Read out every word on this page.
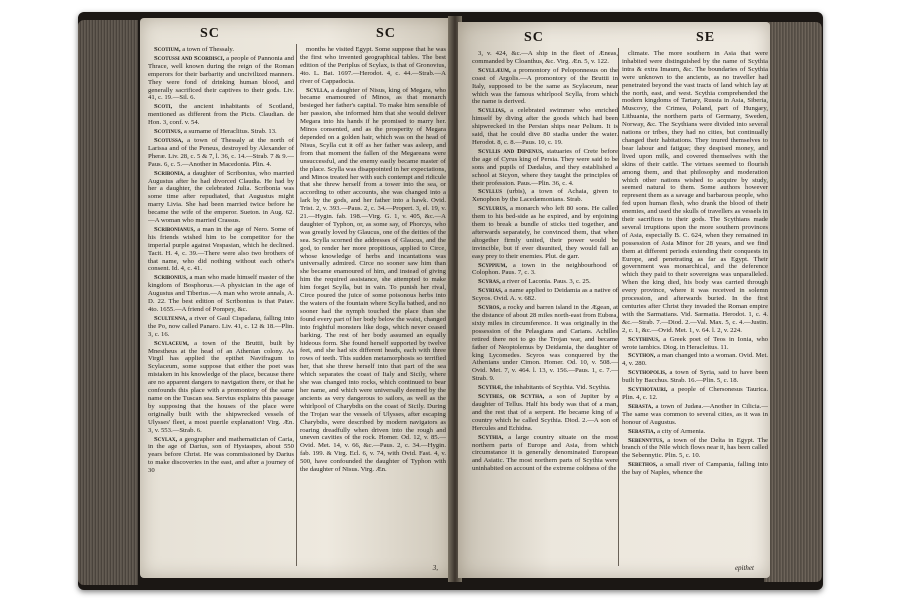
SC	SC

Scotium, a town of Thessaly.

Scotussi and Scordisci, a people of Pannonia and Thrace, well known during the reign of the Roman emperors for their barbarity and uncivilized manners. They were fond of drinking human blood, and generally sacrificed their captives to their gods. Liv. 41, c. 19.—Sil. 6.

Scoti, the ancient inhabitants of Scotland, mentioned as different from the Picts. Claudian. de Hon. 3, conf. v. 54.

Scotinus, a surname of Heraclitus. Strab. 13.

Scotussa, a town of Thessaly at the north of Larissa and of the Peneus, destroyed by Alexander of Pheræ. Liv. 28, c. 5 & 7, l. 36, c. 14.—Strab. 7 & 9.—Paus. 6, c. 5.—Another in Macedonia. Plin. 4.

Scribonia, a daughter of Scribonius, who married Augustus after he had divorced Claudia. He had by her a daughter, the celebrated Julia. Scribonia was some time after repudiated, that Augustus might marry Livia. She had been married twice before he became the wife of the emperor. Sueton. in Aug. 62.—A woman who married Crassus.

Scribonianus, a man in the age of Nero. Some of his friends wished him to be competitor for the imperial purple against Vespasian, which he declined. Tacit. H. 4, c. 39.—There were also two brothers of that name, who did nothing without each other's consent. Id. 4, c. 41.

Scribonius, a man who made himself master of the kingdom of Bosphorus.—A physician in the age of Augustus and Tiberius.—A man who wrote annals, A. D. 22. The best edition of Scribonius is that Patav. 4to. 1655.—A friend of Pompey, &c.

Scultenna, a river of Gaul Cispadana, falling into the Po, now called Panaro. Liv. 41, c. 12 & 18.—Plin. 3, c. 16.

Scylaceum, a town of the Bruttii, built by Mnestheus at the head of an Athenian colony. As Virgil has applied the epithet Navifragum to Scylaceum, some suppose that either the poet was mistaken in his knowledge of the place, because there are no apparent dangers to navigation there, or that he confounds this place with a promontory of the same name on the Tuscan sea. Servius explains this passage by supposing that the houses of the place were originally built with the shipwrecked vessels of Ulysses' fleet, a most puerile explanation! Virg. Æn. 3, v. 553.—Strab. 6.

Scylax, a geographer and mathematician of Caria, in the age of Darius, son of Hystaspes, about 550 years before Christ. He was commissioned by Darius to make discoveries in the east, and after a journey of 30

months he visited Egypt. Some suppose that he was the first who invented geographical tables. The best edition of the Periplus of Scylax, is that of Gronovius, 4to. L. Bat. 1697.—Herodot. 4, c. 44.—Strab.—A river of Cappadocia.

Scylla, a daughter of Nisus, king of Megara, who became enamoured of Minos, as that monarch besieged her father's capital. To make him sensible of her passion, she informed him that she would deliver Megara into his hands if he promised to marry her. Minos consented, and as the prosperity of Megara depended on a golden hair, which was on the head of Nisus, Scylla cut it off as her father was asleep, and from that moment the fallen of the Megareans were unsuccessful, and the enemy easily became master of the place. Scylla was disappointed in her expectations, and Minos treated her with such contempt and ridicule that she threw herself from a tower into the sea, or according to other accounts, she was changed into a lark by the gods, and her father into a hawk. Ovid. Trist. 2, v. 393.—Paus. 2, c. 34.—Propert. 3, el. 19, v. 21.—Hygin. fab. 198.—Virg. G. 1, v. 405, &c.—A daughter of Typhon, or, as some say, of Phorcys, who was greatly loved by Glaucus, one of the deities of the sea. Scylla scorned the addresses of Glaucus, and the god, to render her more propitious, applied to Circe, whose knowledge of herbs and incantations was universally admired. Circe no sooner saw him than she became enamoured of him, and instead of giving him the required assistance, she attempted to make him forget Scylla, but in vain. To punish her rival, Circe poured the juice of some poisonous herbs into the waters of the fountain where Scylla bathed, and no sooner had the nymph touched the place than she found every part of her body below the waist, changed into frightful monsters like dogs, which never ceased barking. The rest of her body assumed an equally hideous form. She found herself supported by twelve feet, and she had six different heads, each with three rows of teeth. This sudden metamorphosis so terrified her, that she threw herself into that part of the sea which separates the coast of Italy and Sicily, where she was changed into rocks, which continued to bear her name, and which were universally deemed by the ancients as very dangerous to sailors, as well as the whirlpool of Charybdis on the coast of Sicily. During the Trojan war the vessels of Ulysses, after escaping Charybdis, were described by modern navigators as roaring dreadfully when driven into the rough and uneven cavities of the rock. Homer. Od. 12, v. 85.—Ovid. Met. 14, v. 66, &c.—Paus. 2, c. 34.—Hygin. fab. 199. & Virg. Ecl. 6, v. 74, with Ovid. Fast. 4, v. 500, have confounded the daughter of Typhon with the daughter of Nisus. Virg. Æn.

3,
SC	SE

3, v. 424, &c.—A ship in the fleet of Æneas, commanded by Cloanthus, &c. Virg. Æn. 5, v. 122.

Scyllæum, a promontory of Peloponnesus on the coast of Argolis.—A promontory of the Bruttii in Italy, supposed to be the same as Scylaceum, near which was the famous whirlpool Scylla, from which the name is derived.

Scyllias, a celebrated swimmer who enriched himself by diving after the goods which had been shipwrecked in the Persian ships near Pelium. It is said, that he could dive 80 stadia under the water. Herodot. 8, c. 8.—Paus. 10, c. 19.

Scyllis and Dipœnus, statuaries of Crete before the age of Cyrus king of Persia. They were said to be sons and pupils of Dædalus, and they established a school at Sicyon, where they taught the principles of their profession. Paus.—Plin. 36, c. 4.

Scyllus (urbis), a town of Achaia, given to Xenophon by the Lacedæmonians. Strab.

Scylurus, a monarch who left 80 sons. He called them to his bed-side as he expired, and by enjoining them to break a bundle of sticks tied together, and afterwards separately, he convinced them, that when altogether firmly united, their power would be invincible, but if ever disunited, they would fall an easy prey to their enemies. Plut. de garr.

Scyppium, a town in the neighbourhood of Colophon. Paus. 7, c. 3.

Scyras, a river of Laconia. Paus. 3, c. 25.

Scyrias, a name applied to Deidamia as a native of Scyros. Ovid. A. v. 682.

Scyros, a rocky and barren island in the Ægean, at the distance of about 28 miles north-east from Eubœa, sixty miles in circumference. It was originally in the possession of the Pelasgians and Carians. Achilles retired there not to go the Trojan war, and became father of Neoptolemus by Deidamia, the daughter of king Lycomedes. Scyros was conquered by the Athenians under Cimon. Homer. Od. 10, v. 508.—Ovid. Met. 7, v. 464. l. 13, v. 156.—Paus. 1, c. 7.—Strab. 9.

Scythæ, the inhabitants of Scythia. Vid. Scythia.

Scythes, or Scytha, a son of Jupiter by a daughter of Tellus. Half his body was that of a man, and the rest that of a serpent. He became king of a country which he called Scythia. Diod. 2.—A son of Hercules and Echidna.

Scythia, a large country situate on the most northern parts of Europe and Asia, from which circumstance it is generally denominated European and Asiatic. The most northern parts of Scythia were uninhabited on account of the extreme coldness of the

climate. The more southern in Asia that were inhabited were distinguished by the name of Scythia intra & extra Imaum, &c. The boundaries of Scythia were unknown to the ancients, as no traveller had penetrated beyond the vast tracts of land which lay at the north, east, and west. Scythia comprehended the modern kingdoms of Tartary, Russia in Asia, Siberia, Muscovy, the Crimea, Poland, part of Hungary, Lithuania, the northern parts of Germany, Sweden, Norway, &c. The Scythians were divided into several nations or tribes, they had no cities, but continually changed their habitations. They inured themselves to bear labour and fatigue; they despised money, and lived upon milk, and covered themselves with the skins of their cattle. The virtues seemed to flourish among them, and that philosophy and moderation which other nations wished to acquire by study, seemed natural to them. Some authors however represent them as a savage and barbarous people, who fed upon human flesh, who drank the blood of their enemies, and used the skulls of travellers as vessels in their sacrifices to their gods. The Scythians made several irruptions upon the more southern provinces of Asia, especially B. C. 624, when they remained in possession of Asia Minor for 28 years, and we find them at different periods extending their conquests in Europe, and penetrating as far as Egypt. Their government was monarchical, and the deference which they paid to their sovereigns was unparalleled. When the king died, his body was carried through every province, where it was received in solemn procession, and afterwards buried. In the first centuries after Christ they invaded the Roman empire with the Sarmatians. Vid. Sarmatia. Herodot. 1, c. 4. &c.—Strab. 7.—Diod. 2.—Val. Max. 5, c. 4.—Justin. 2, c. 1, &c.—Ovid. Met. 1, v. 64. l. 2, v. 224.

Scythinus, a Greek poet of Teos in Ionia, who wrote iambics. Diog. in Heracleitus. 11.

Scython, a man changed into a woman. Ovid. Met. 4, v. 280.

Scythopolis, a town of Syria, said to have been built by Bacchus. Strab. 16.—Plin. 5, c. 18.

Scythotauri, a people of Chersonesus Taurica. Plin. 4, c. 12.

Sebasta, a town of Judæa.—Another in Cilicia.—The same was common to several cities, as it was in honour of Augustus.

Sebastia, a city of Armenia.

Sebennytus, a town of the Delta in Egypt. The branch of the Nile which flows near it, has been called the Sebennytic. Plin. 5, c. 10.

Sebethos, a small river of Campania, falling into the bay of Naples, whence the

epithet
